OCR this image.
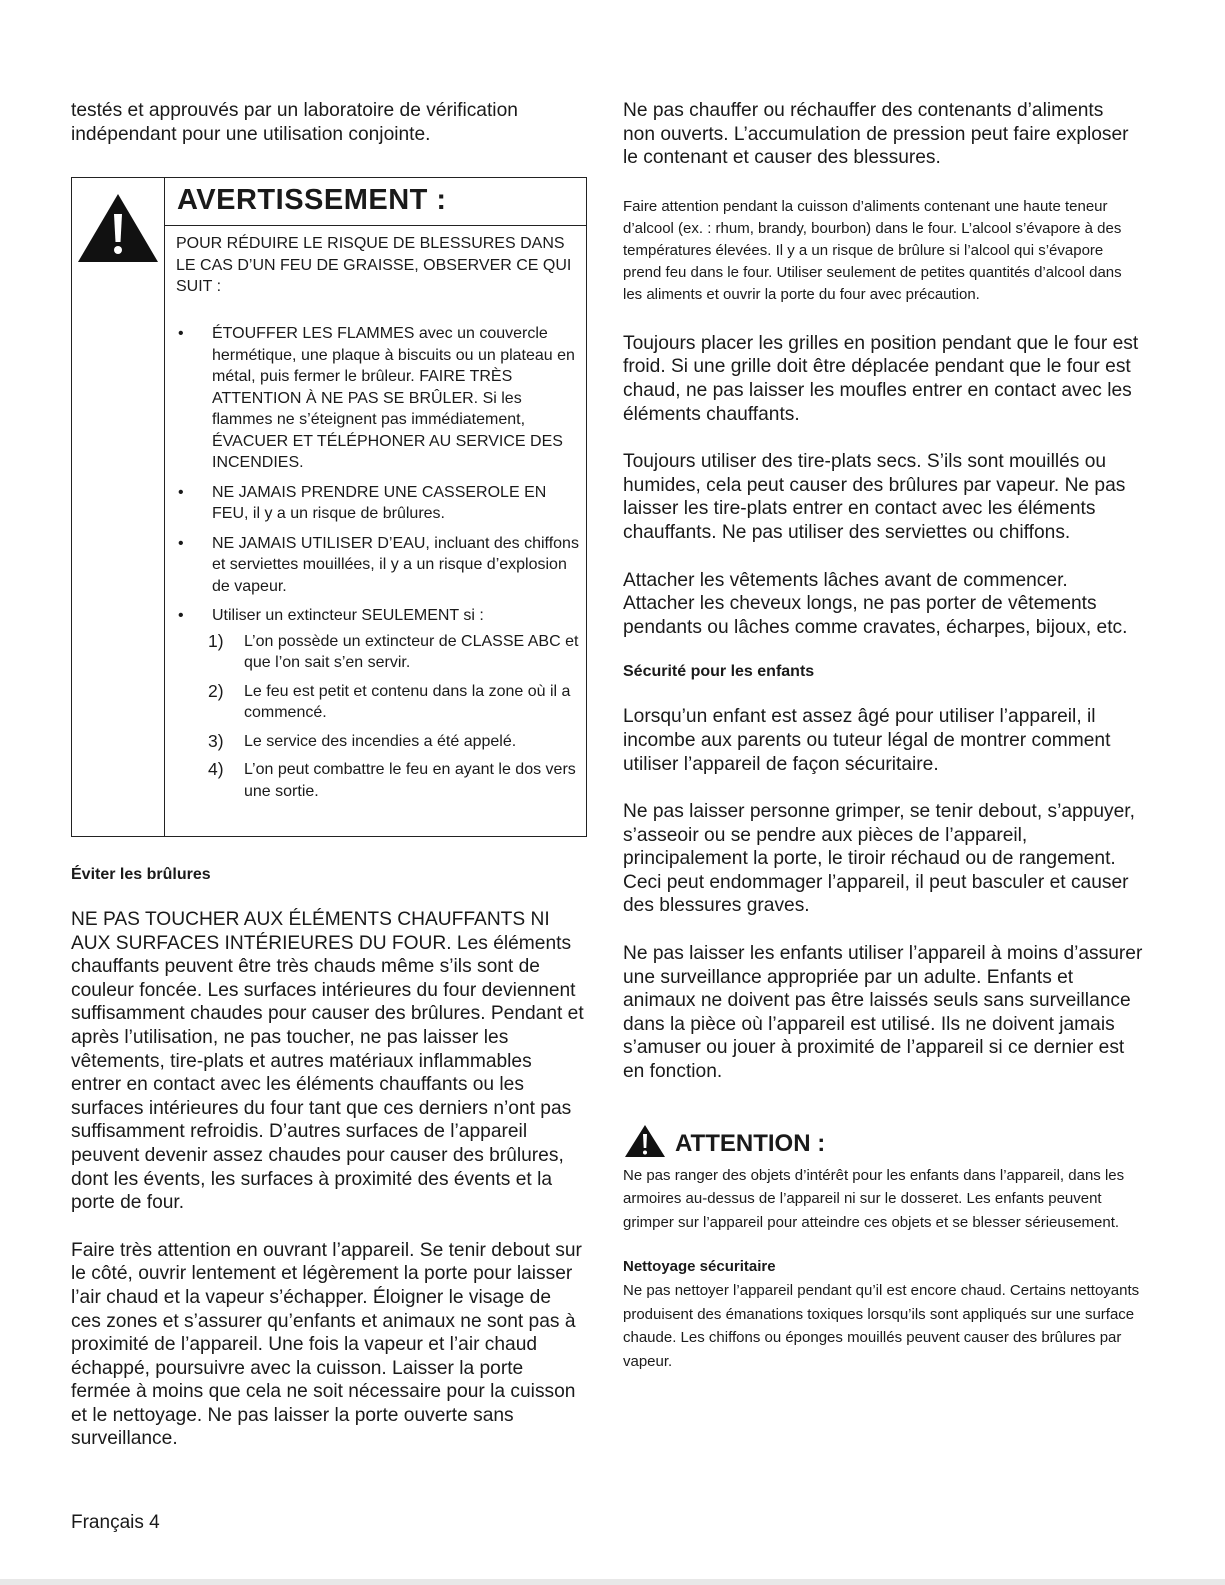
testés et approuvés par un laboratoire de vérification indépendant pour une utilisation conjointe.

AVERTISSEMENT :

POUR RÉDUIRE LE RISQUE DE BLESSURES DANS LE CAS D’UN FEU DE GRAISSE, OBSERVER CE QUI SUIT :

• ÉTOUFFER LES FLAMMES avec un couvercle hermétique, une plaque à biscuits ou un plateau en métal, puis fermer le brûleur. FAIRE TRÈS ATTENTION À NE PAS SE BRÛLER. Si les flammes ne s’éteignent pas immédiatement, ÉVACUER ET TÉLÉPHONER AU SERVICE DES INCENDIES.
• NE JAMAIS PRENDRE UNE CASSEROLE EN FEU, il y a un risque de brûlures.
• NE JAMAIS UTILISER D’EAU, incluant des chiffons et serviettes mouillées, il y a un risque d’explosion de vapeur.
• Utiliser un extincteur SEULEMENT si :
1) L’on possède un extincteur de CLASSE ABC et que l’on sait s’en servir.
2) Le feu est petit et contenu dans la zone où il a commencé.
3) Le service des incendies a été appelé.
4) L’on peut combattre le feu en ayant le dos vers une sortie.
Éviter les brûlures

NE PAS TOUCHER AUX ÉLÉMENTS CHAUFFANTS NI AUX SURFACES INTÉRIEURES DU FOUR. Les éléments chauffants peuvent être très chauds même s’ils sont de couleur foncée. Les surfaces intérieures du four deviennent suffisamment chaudes pour causer des brûlures. Pendant et après l’utilisation, ne pas toucher, ne pas laisser les vêtements, tire-plats et autres matériaux inflammables entrer en contact avec les éléments chauffants ou les surfaces intérieures du four tant que ces derniers n’ont pas suffisamment refroidis. D’autres surfaces de l’appareil peuvent devenir assez chaudes pour causer des brûlures, dont les évents, les surfaces à proximité des évents et la porte de four.

Faire très attention en ouvrant l’appareil. Se tenir debout sur le côté, ouvrir lentement et légèrement la porte pour laisser l’air chaud et la vapeur s’échapper. Éloigner le visage de ces zones et s’assurer qu’enfants et animaux ne sont pas à proximité de l’appareil. Une fois la vapeur et l’air chaud échappé, poursuivre avec la cuisson. Laisser la porte fermée à moins que cela ne soit nécessaire pour la cuisson et le nettoyage. Ne pas laisser la porte ouverte sans surveillance.

Ne pas chauffer ou réchauffer des contenants d’aliments non ouverts. L’accumulation de pression peut faire exploser le contenant et causer des blessures.

Faire attention pendant la cuisson d’aliments contenant une haute teneur d’alcool (ex. : rhum, brandy, bourbon) dans le four. L’alcool s’évapore à des températures élevées. Il y a un risque de brûlure si l’alcool qui s’évapore prend feu dans le four. Utiliser seulement de petites quantités d’alcool dans les aliments et ouvrir la porte du four avec précaution.

Toujours placer les grilles en position pendant que le four est froid. Si une grille doit être déplacée pendant que le four est chaud, ne pas laisser les moufles entrer en contact avec les éléments chauffants.

Toujours utiliser des tire-plats secs. S’ils sont mouillés ou humides, cela peut causer des brûlures par vapeur. Ne pas laisser les tire-plats entrer en contact avec les éléments chauffants. Ne pas utiliser des serviettes ou chiffons.

Attacher les vêtements lâches avant de commencer. Attacher les cheveux longs, ne pas porter de vêtements pendants ou lâches comme cravates, écharpes, bijoux, etc.

Sécurité pour les enfants

Lorsqu’un enfant est assez âgé pour utiliser l’appareil, il incombe aux parents ou tuteur légal de montrer comment utiliser l’appareil de façon sécuritaire.

Ne pas laisser personne grimper, se tenir debout, s’appuyer, s’asseoir ou se pendre aux pièces de l’appareil, principalement la porte, le tiroir réchaud ou de rangement. Ceci peut endommager l’appareil, il peut basculer et causer des blessures graves.

Ne pas laisser les enfants utiliser l’appareil à moins d’assurer une surveillance appropriée par un adulte. Enfants et animaux ne doivent pas être laissés seuls sans surveillance dans la pièce où l’appareil est utilisé. Ils ne doivent jamais s’amuser ou jouer à proximité de l’appareil si ce dernier est en fonction.

ATTENTION :

Ne pas ranger des objets d’intérêt pour les enfants dans l’appareil, dans les armoires au-dessus de l’appareil ni sur le dosseret. Les enfants peuvent grimper sur l’appareil pour atteindre ces objets et se blesser sérieusement.

Nettoyage sécuritaire

Ne pas nettoyer l’appareil pendant qu’il est encore chaud. Certains nettoyants produisent des émanations toxiques lorsqu’ils sont appliqués sur une surface chaude. Les chiffons ou éponges mouillés peuvent causer des brûlures par vapeur.

Français 4
